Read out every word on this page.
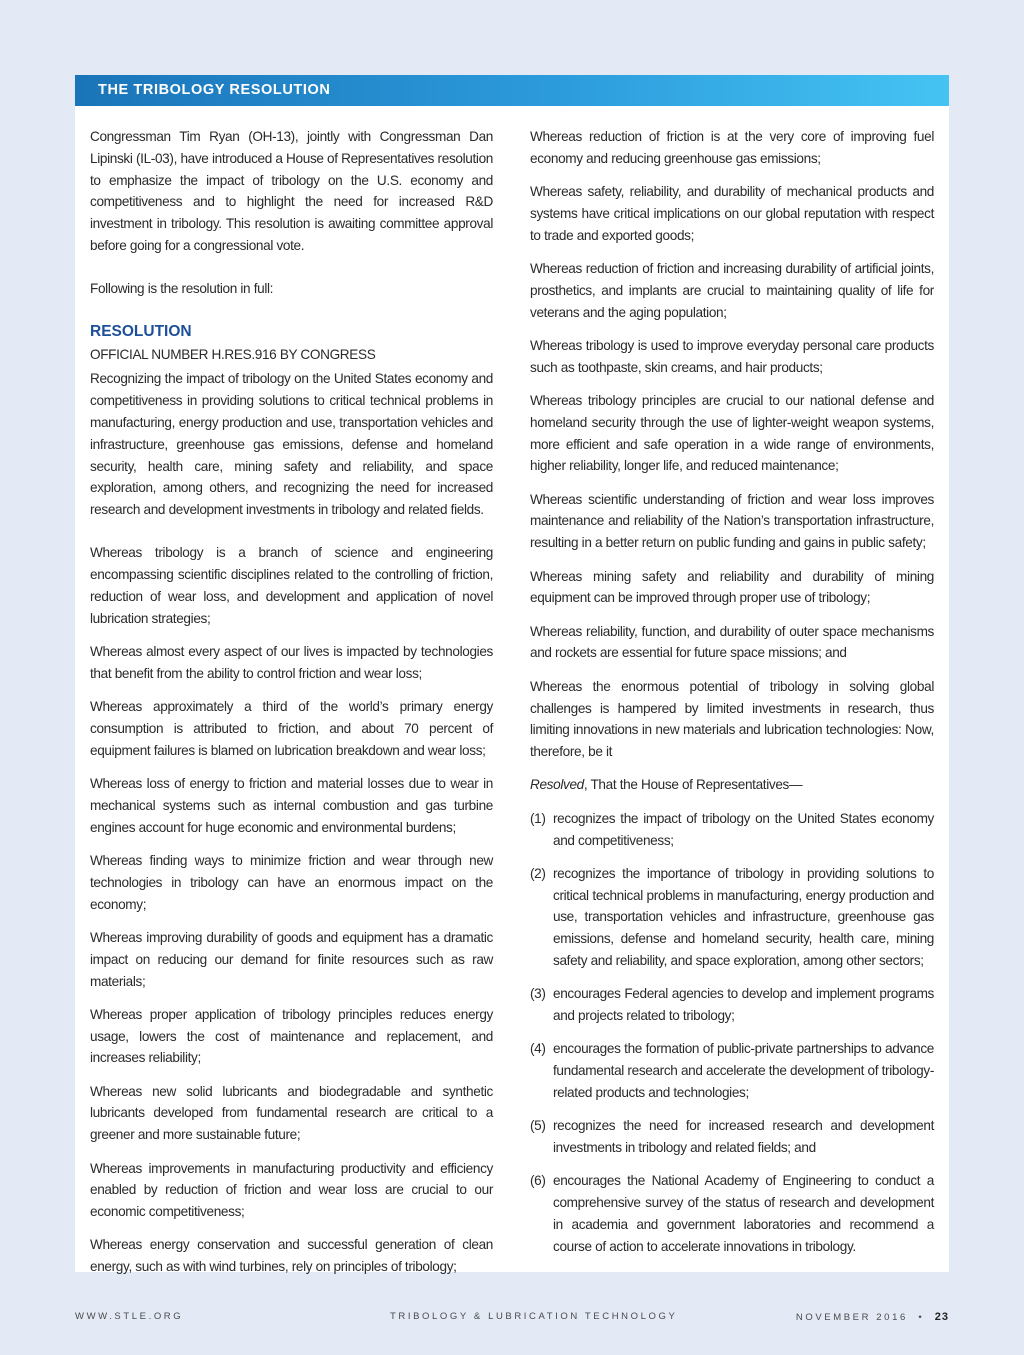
THE TRIBOLOGY RESOLUTION

Congressman Tim Ryan (OH-13), jointly with Congressman Dan Lipinski (IL-03), have introduced a House of Representatives resolution to emphasize the impact of tribology on the U.S. economy and competitiveness and to highlight the need for increased R&D investment in tribology. This resolution is awaiting committee approval before going for a congressional vote.

Following is the resolution in full:

RESOLUTION
OFFICIAL NUMBER H.RES.916 BY CONGRESS

Recognizing the impact of tribology on the United States economy and competitiveness in providing solutions to critical technical problems in manufacturing, energy production and use, transportation vehicles and infrastructure, greenhouse gas emissions, defense and homeland security, health care, mining safety and reliability, and space exploration, among others, and recognizing the need for increased research and development investments in tribology and related fields.

Whereas tribology is a branch of science and engineering encompassing scientific disciplines related to the controlling of friction, reduction of wear loss, and development and application of novel lubrication strategies;

Whereas almost every aspect of our lives is impacted by technologies that benefit from the ability to control friction and wear loss;

Whereas approximately a third of the world’s primary energy consumption is attributed to friction, and about 70 percent of equipment failures is blamed on lubrication breakdown and wear loss;

Whereas loss of energy to friction and material losses due to wear in mechanical systems such as internal combustion and gas turbine engines account for huge economic and environmental burdens;

Whereas finding ways to minimize friction and wear through new technologies in tribology can have an enormous impact on the economy;

Whereas improving durability of goods and equipment has a dramatic impact on reducing our demand for finite resources such as raw materials;

Whereas proper application of tribology principles reduces energy usage, lowers the cost of maintenance and replacement, and increases reliability;

Whereas new solid lubricants and biodegradable and synthetic lubricants developed from fundamental research are critical to a greener and more sustainable future;

Whereas improvements in manufacturing productivity and efficiency enabled by reduction of friction and wear loss are crucial to our economic competitiveness;

Whereas energy conservation and successful generation of clean energy, such as with wind turbines, rely on principles of tribology;

Whereas reduction of friction is at the very core of improving fuel economy and reducing greenhouse gas emissions;

Whereas safety, reliability, and durability of mechanical products and systems have critical implications on our global reputation with respect to trade and exported goods;

Whereas reduction of friction and increasing durability of artificial joints, prosthetics, and implants are crucial to maintaining quality of life for veterans and the aging population;

Whereas tribology is used to improve everyday personal care products such as toothpaste, skin creams, and hair products;

Whereas tribology principles are crucial to our national defense and homeland security through the use of lighter-weight weapon systems, more efficient and safe operation in a wide range of environments, higher reliability, longer life, and reduced maintenance;

Whereas scientific understanding of friction and wear loss improves maintenance and reliability of the Nation’s transportation infrastructure, resulting in a better return on public funding and gains in public safety;

Whereas mining safety and reliability and durability of mining equipment can be improved through proper use of tribology;

Whereas reliability, function, and durability of outer space mechanisms and rockets are essential for future space missions; and

Whereas the enormous potential of tribology in solving global challenges is hampered by limited investments in research, thus limiting innovations in new materials and lubrication technologies: Now, therefore, be it

Resolved, That the House of Representatives—

(1) recognizes the impact of tribology on the United States economy and competitiveness;
(2) recognizes the importance of tribology in providing solutions to critical technical problems in manufacturing, energy production and use, transportation vehicles and infrastructure, greenhouse gas emissions, defense and homeland security, health care, mining safety and reliability, and space exploration, among other sectors;
(3) encourages Federal agencies to develop and implement programs and projects related to tribology;
(4) encourages the formation of public-private partnerships to advance fundamental research and accelerate the development of tribology-related products and technologies;
(5) recognizes the need for increased research and development investments in tribology and related fields; and
(6) encourages the National Academy of Engineering to conduct a comprehensive survey of the status of research and development in academia and government laboratories and recommend a course of action to accelerate innovations in tribology.
WWW.STLE.ORG	TRIBOLOGY & LUBRICATION TECHNOLOGY	NOVEMBER 2016 • 23
